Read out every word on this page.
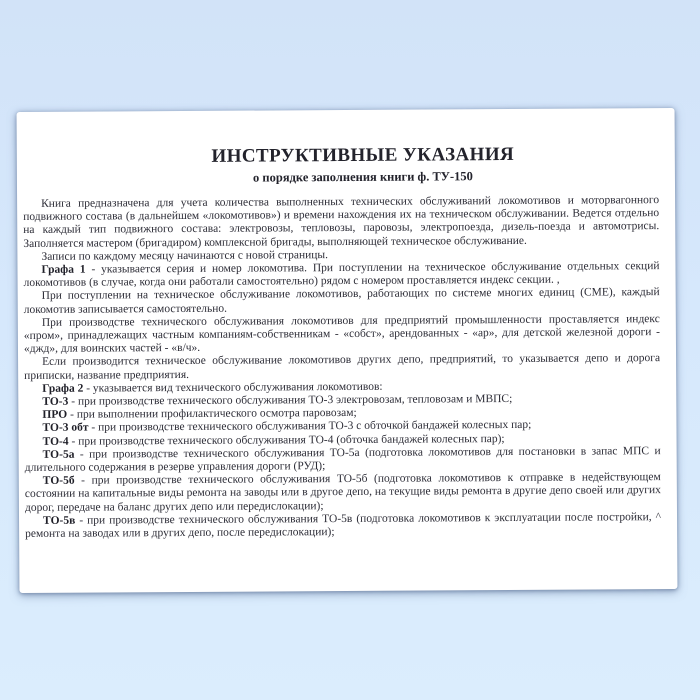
ИНСТРУКТИВНЫЕ УКАЗАНИЯ
о порядке заполнения книги ф. ТУ-150

Книга предназначена для учета количества выполненных технических обслуживаний локомотивов и моторвагонного подвижного состава (в дальнейшем «локомотивов») и времени нахождения их на техническом обслуживании. Ведется отдельно на каждый тип подвижного состава: электровозы, тепловозы, паровозы, электропоезда, дизель-поезда и автомотрисы. Заполняется мастером (бригадиром) комплексной бригады, выполняющей техническое обслуживание.

Записи по каждому месяцу начинаются с новой страницы.

Графа 1 - указывается серия и номер локомотива. При поступлении на техническое обслуживание отдельных секций локомотивов (в случае, когда они работали самостоятельно) рядом с номером проставляется индекс секции. ,

При поступлении на техническое обслуживание локомотивов, работающих по системе многих единиц (СМЕ), каждый локомотив записывается самостоятельно.

При производстве технического обслуживания локомотивов для предприятий промышленности проставляется индекс «пром», принадлежащих частным компаниям-собственникам - «собст», арендованных - «ар», для детской железной дороги - «джд», для воинских частей - «в/ч».

Если производится техническое обслуживание локомотивов других депо, предприятий, то указывается депо и дорога приписки, название предприятия.

Графа 2 - указывается вид технического обслуживания локомотивов:

ТО-3 - при производстве технического обслуживания ТО-3 электровозам, тепловозам и МВПС;

ПРО - при выполнении профилактического осмотра паровозам;

ТО-3 обт - при производстве технического обслуживания ТО-3 с обточкой бандажей колесных пар;

ТО-4 - при производстве технического обслуживания ТО-4 (обточка бандажей колесных пар);

ТО-5а - при производстве технического обслуживания ТО-5а (подготовка локомотивов для постановки в запас МПС и длительного содержания в резерве управления дороги (РУД);

ТО-5б - при производстве технического обслуживания ТО-5б (подготовка локомотивов к отправке в недействующем состоянии на капитальные виды ремонта на заводы или в другое депо, на текущие виды ремонта в другие депо своей или других дорог, передаче на баланс других депо или передислокации);

ТО-5в - при производстве технического обслуживания ТО-5в (подготовка локомотивов к эксплуатации после постройки, ^ ремонта на заводах или в других депо, после передислокации);
